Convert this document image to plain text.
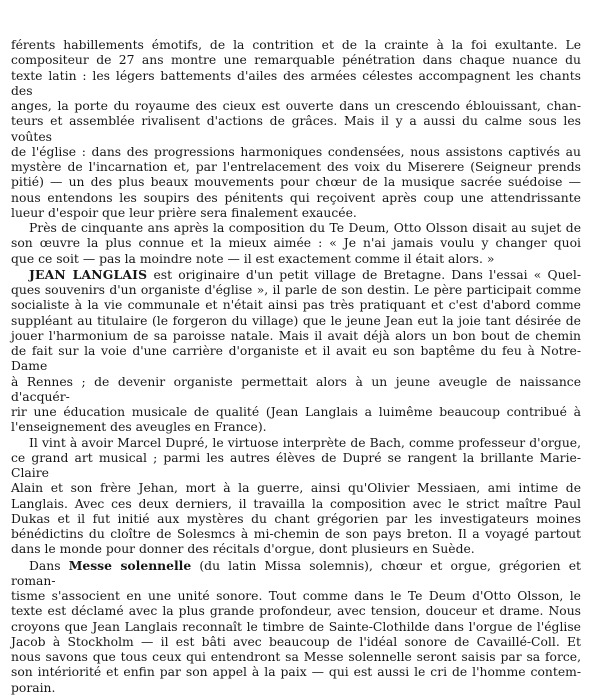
férents habillements émotifs, de la contrition et de la crainte à la foi exultante. Le
compositeur de 27 ans montre une remarquable pénétration dans chaque nuance du
texte latin : les légers battements d'ailes des armées célestes accompagnent les chants des
anges, la porte du royaume des cieux est ouverte dans un crescendo éblouissant, chan-
teurs et assemblée rivalisent d'actions de grâces. Mais il y a aussi du calme sous les voûtes
de l'église : dans des progressions harmoniques condensées, nous assistons captivés au
mystère de l'incarnation et, par l'entrelacement des voix du Miserere (Seigneur prends
pitié) — un des plus beaux mouvements pour chœur de la musique sacrée suédoise —
nous entendons les soupirs des pénitents qui reçoivent après coup une attendrissante
lueur d'espoir que leur prière sera finalement exaucée.
Près de cinquante ans après la composition du Te Deum, Otto Olsson disait au sujet de
son œuvre la plus connue et la mieux aimée : « Je n'ai jamais voulu y changer quoi
que ce soit — pas la moindre note — il est exactement comme il était alors. »
JEAN LANGLAIS est originaire d'un petit village de Bretagne. Dans l'essai « Quel-
ques souvenirs d'un organiste d'église », il parle de son destin. Le père participait comme
socialiste à la vie communale et n'était ainsi pas très pratiquant et c'est d'abord comme
suppléant au titulaire (le forgeron du village) que le jeune Jean eut la joie tant désirée de
jouer l'harmonium de sa paroisse natale. Mais il avait déjà alors un bon bout de chemin
de fait sur la voie d'une carrière d'organiste et il avait eu son baptême du feu à Notre-Dame
à Rennes ; de devenir organiste permettait alors à un jeune aveugle de naissance d'acquér-
rir une éducation musicale de qualité (Jean Langlais a luimême beaucoup contribué à
l'enseignement des aveugles en France).
Il vint à avoir Marcel Dupré, le virtuose interprète de Bach, comme professeur d'orgue,
ce grand art musical ; parmi les autres élèves de Dupré se rangent la brillante Marie-Claire
Alain et son frère Jehan, mort à la guerre, ainsi qu'Olivier Messiaen, ami intime de
Langlais. Avec ces deux derniers, il travailla la composition avec le strict maître Paul
Dukas et il fut initié aux mystères du chant grégorien par les investigateurs moines
bénédictins du cloître de Solesmcs à mi-chemin de son pays breton. Il a voyagé partout
dans le monde pour donner des récitals d'orgue, dont plusieurs en Suède.
Dans Messe solennelle (du latin Missa solemnis), chœur et orgue, grégorien et roman-
tisme s'associent en une unité sonore. Tout comme dans le Te Deum d'Otto Olsson, le
texte est déclamé avec la plus grande profondeur, avec tension, douceur et drame. Nous
croyons que Jean Langlais reconnaît le timbre de Sainte-Clothilde dans l'orgue de l'église
Jacob à Stockholm — il est bâti avec beaucoup de l'idéal sonore de Cavaillé-Coll. Et
nous savons que tous ceux qui entendront sa Messe solennelle seront saisis par sa force,
son intériorité et enfin par son appel à la paix — qui est aussi le cri de l'homme contem-
porain.
